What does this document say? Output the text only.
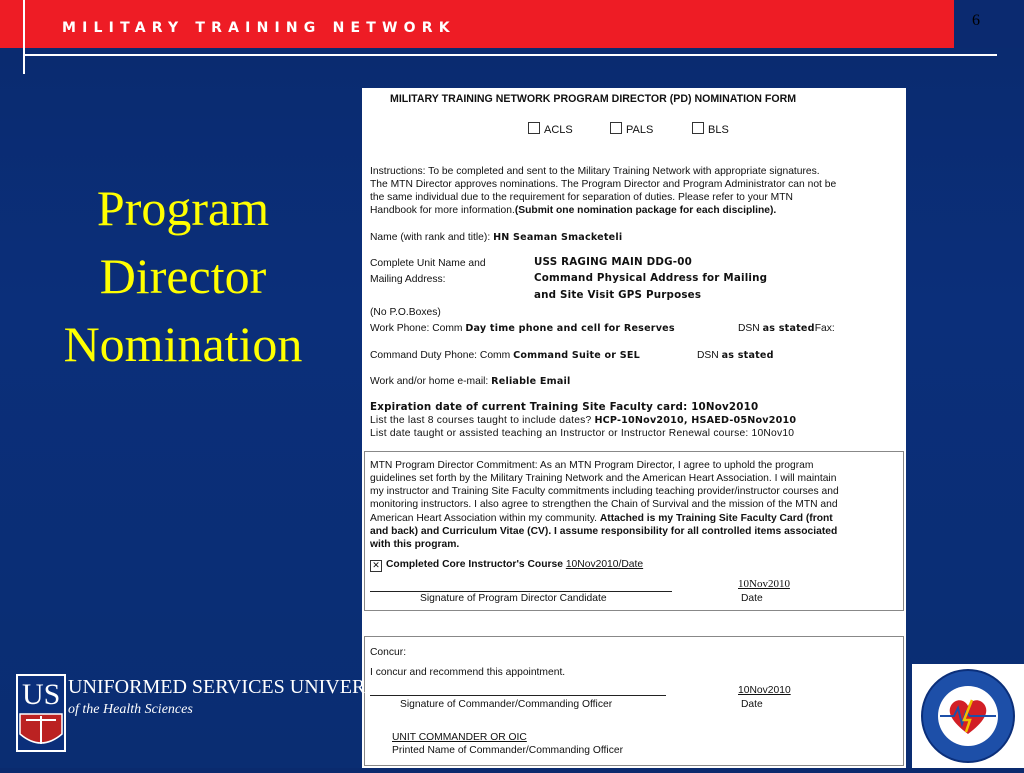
MILITARY TRAINING NETWORK	6
Program
Director
Nomination
MILITARY TRAINING NETWORK PROGRAM DIRECTOR (PD) NOMINATION FORM
ACLS	PALS	BLS
Instructions: To be completed and sent to the Military Training Network with appropriate signatures.
The MTN Director approves nominations. The Program Director and Program Administrator can not be
the same individual due to the requirement for separation of duties. Please refer to your MTN
Handbook for more information.(Submit one nomination package for each discipline).
Name (with rank and title): HN Seaman Smacketeli
Complete Unit Name and
Mailing Address:
USS RAGING MAIN DDG-00
Command Physical Address for Mailing
and Site Visit GPS Purposes
(No P.O.Boxes)
Work Phone: Comm Day time phone and cell for Reserves	DSN as statedFax:
Command Duty Phone: Comm Command Suite or SEL	DSN as stated
Work and/or home e-mail: Reliable Email
Expiration date of current Training Site Faculty card: 10Nov2010
List the last 8 courses taught to include dates? HCP-10Nov2010, HSAED-05Nov2010
List date taught or assisted teaching an Instructor or Instructor Renewal course: 10Nov10
MTN Program Director Commitment: As an MTN Program Director, I agree to uphold the program
guidelines set forth by the Military Training Network and the American Heart Association. I will maintain
my instructor and Training Site Faculty commitments including teaching provider/instructor courses and
monitoring instructors. I also agree to strengthen the Chain of Survival and the mission of the MTN and
American Heart Association within my community. Attached is my Training Site Faculty Card (front
and back) and Curriculum Vitae (CV). I assume responsibility for all controlled items associated
with this program.
✕ Completed Core Instructor's Course 10Nov2010/Date
10Nov2010
Signature of Program Director Candidate	Date
Concur:
I concur and recommend this appointment.
10Nov2010
Signature of Commander/Commanding Officer	Date
UNIT COMMANDER OR OIC
Printed Name of Commander/Commanding Officer
US UNIFORMED SERVICES UNIVERSITY
of the Health Sciences
